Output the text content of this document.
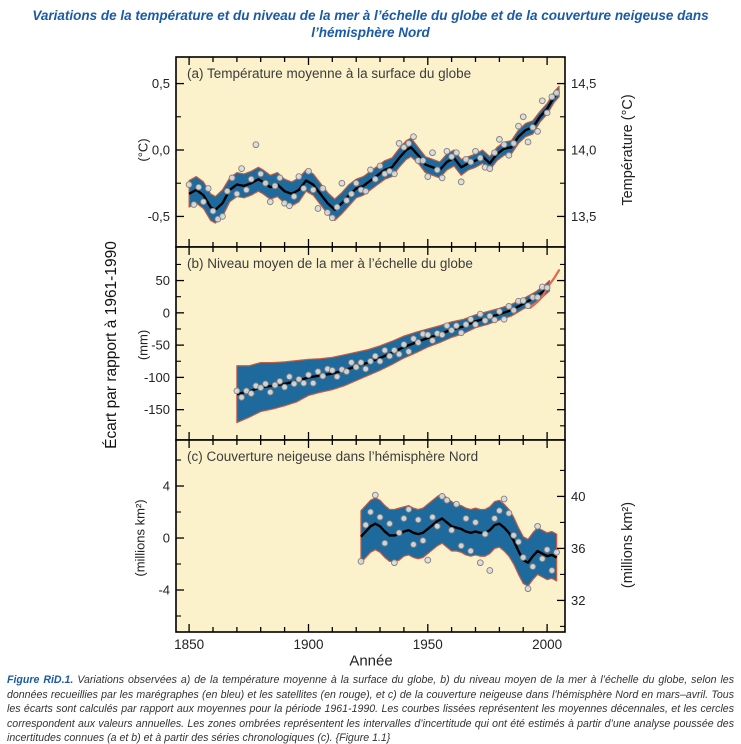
Variations de la température et du niveau de la mer à l’échelle du globe et de la couverture neigeuse dans l’hémisphère Nord
0,5
0,0
-0,5
14,5
14,0
13,5
50
0
-50
-100
-150
4
0
-4
40
36
32
1850	1900	1950	2000
(a) Température moyenne à la surface du globe
(b) Niveau moyen de la mer à l’échelle du globe
(c) Couverture neigeuse dans l’hémisphère Nord
(°C)
(mm)
(millions km²)
Écart par rapport à 1961-1990
Température (°C)
(millions km²)
Année
Figure RiD.1. Variations observées a) de la température moyenne à la surface du globe, b) du niveau moyen de la mer à l’échelle du globe, selon les données recueillies par les marégraphes (en bleu) et les satellites (en rouge), et c) de la couverture neigeuse dans l’hémisphère Nord en mars–avril. Tous les écarts sont calculés par rapport aux moyennes pour la période 1961-1990. Les courbes lissées représentent les moyennes décennales, et les cercles correspondent aux valeurs annuelles. Les zones ombrées représentent les intervalles d’incertitude qui ont été estimés à partir d’une analyse poussée des incertitudes connues (a et b) et à partir des séries chronologiques (c). {Figure 1.1}
